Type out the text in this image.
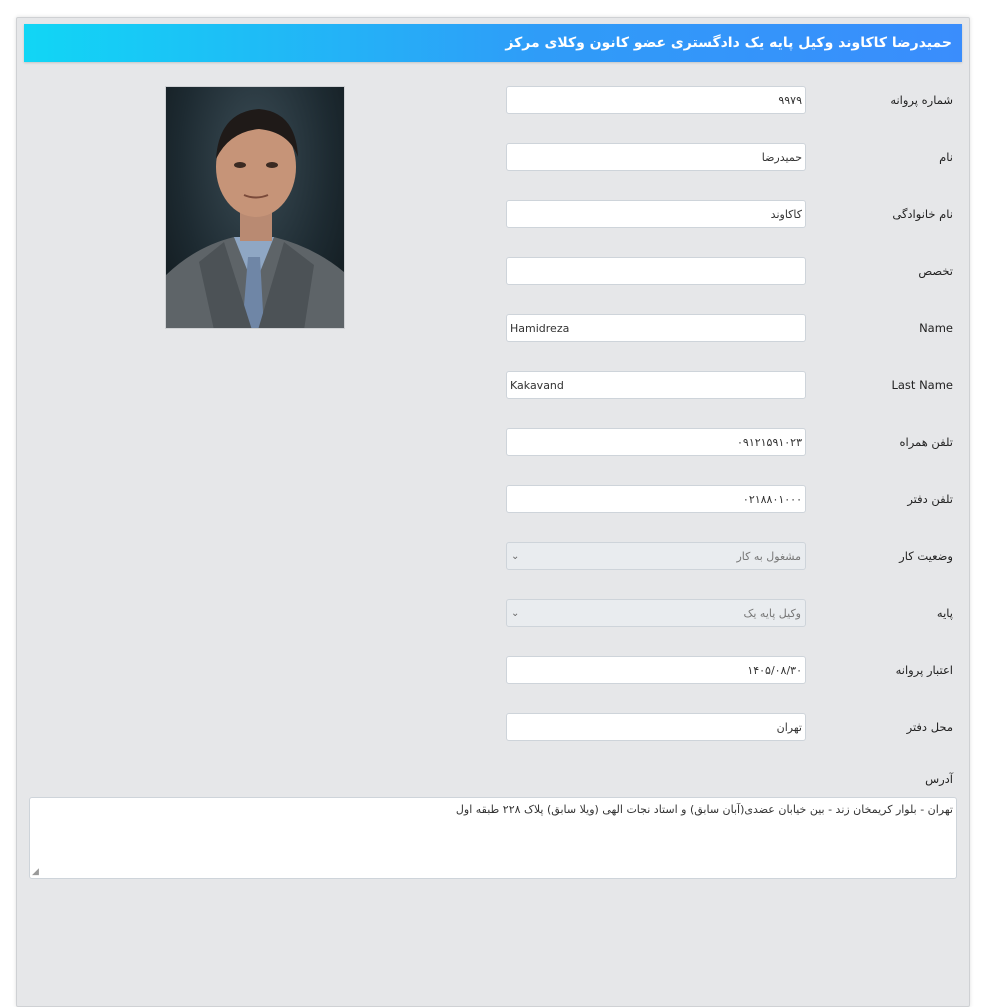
حمیدرضا کاکاوند وکیل پایه یک دادگستری عضو کانون وکلای مرکز
شماره پروانه
۹۹۷۹
نام
حمیدرضا
نام خانوادگی
کاکاوند
تخصص
Name
Hamidreza
Last Name
Kakavand
تلفن همراه
۰۹۱۲۱۵۹۱۰۲۳
تلفن دفتر
۰۲۱۸۸۰۱۰۰۰
وضعیت کار
مشغول به کار
⌄
پایه
وکیل پایه یک
⌄
اعتبار پروانه
۱۴۰۵/۰۸/۳۰
محل دفتر
تهران
آدرس
تهران - بلوار کریمخان زند - بین خیابان عضدی(آبان سابق) و استاد نجات الهی (ویلا سابق) پلاک ۲۲۸ طبقه اول
◢
